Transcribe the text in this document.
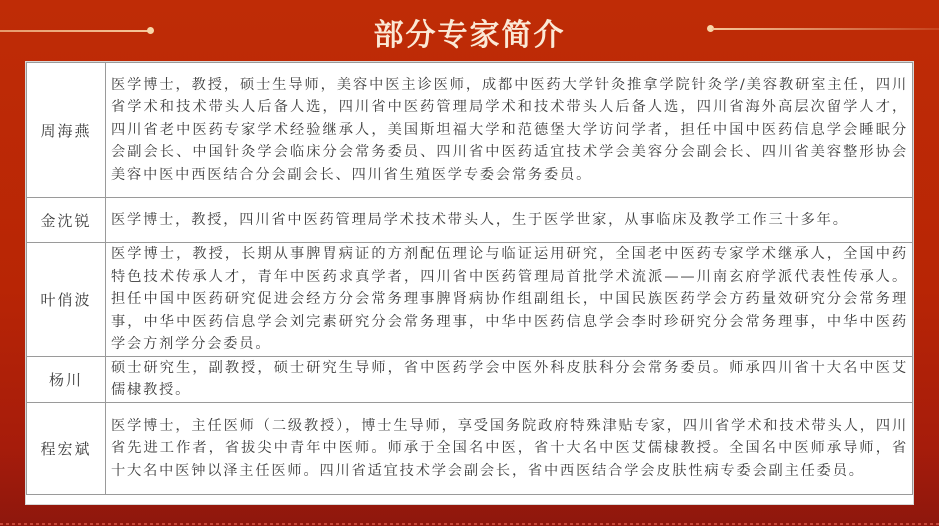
部分专家简介
周海燕	医学博士，教授，硕士生导师，美容中医主诊医师，成都中医药大学针灸推拿学院针灸学/美容教研室主任，四川省学术和技术带头人后备人选，四川省中医药管理局学术和技术带头人后备人选，四川省海外高层次留学人才，四川省老中医药专家学术经验继承人，美国斯坦福大学和范德堡大学访问学者，担任中国中医药信息学会睡眠分会副会长、中国针灸学会临床分会常务委员、四川省中医药适宜技术学会美容分会副会长、四川省美容整形协会美容中医中西医结合分会副会长、四川省生殖医学专委会常务委员。
金沈锐	医学博士，教授，四川省中医药管理局学术技术带头人，生于医学世家，从事临床及教学工作三十多年。
叶俏波	医学博士，教授，长期从事脾胃病证的方剂配伍理论与临证运用研究，全国老中医药专家学术继承人，全国中药特色技术传承人才，青年中医药求真学者，四川省中医药管理局首批学术流派——川南玄府学派代表性传承人。担任中国中医药研究促进会经方分会常务理事脾肾病协作组副组长，中国民族医药学会方药量效研究分会常务理事，中华中医药信息学会刘完素研究分会常务理事，中华中医药信息学会李时珍研究分会常务理事，中华中医药学会方剂学分会委员。
杨川	硕士研究生，副教授，硕士研究生导师，省中医药学会中医外科皮肤科分会常务委员。师承四川省十大名中医艾儒棣教授。
程宏斌	医学博士，主任医师（二级教授），博士生导师，享受国务院政府特殊津贴专家，四川省学术和技术带头人，四川省先进工作者，省拔尖中青年中医师。师承于全国名中医，省十大名中医艾儒棣教授。全国名中医师承导师，省十大名中医钟以泽主任医师。四川省适宜技术学会副会长，省中西医结合学会皮肤性病专委会副主任委员。
